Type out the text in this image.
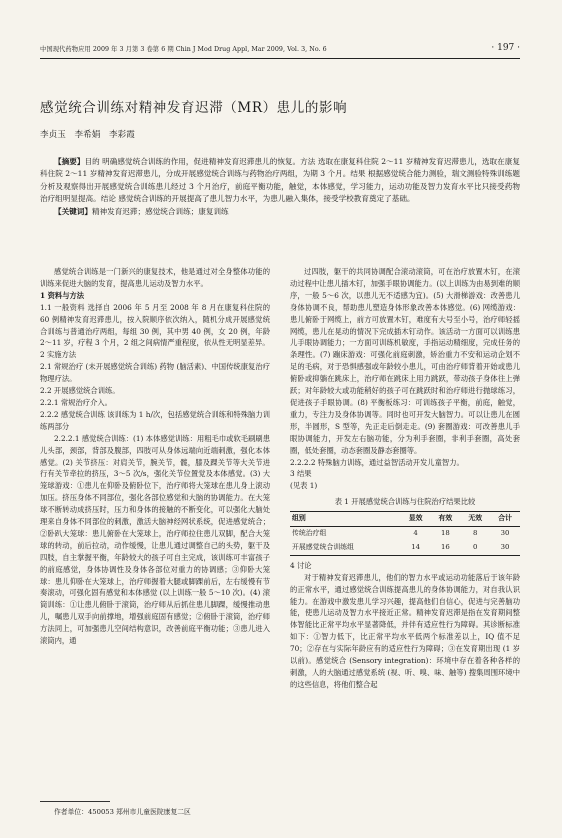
中国现代药物应用 2009 年 3 月第 3 卷第 6 期 Chin J Mod Drug Appl, Mar 2009, Vol. 3, No. 6	· 197 ·
感觉统合训练对精神发育迟滞（MR）患儿的影响
李贞玉 李希娟 李彩霞

【摘要】目的 明确感觉统合训练的作用，促进精神发育迟滞患儿的恢复。方法 选取在康复科住院 2～11 岁精神发育迟滞患儿，选取在康复科住院 2～11 岁精神发育迟滞患儿，分成开展感觉统合训练与药物治疗两组，为期 3 个月。结果 根据感觉统合能力测验，瑞文测验特殊训练题分析及观察得出开展感觉统合训练患儿经过 3 个月治疗，前庭平衡功能，触觉，本体感觉，学习能力，运动功能及智力发育水平比只接受药物治疗组明显提高。结论 感觉统合训练的开展提高了患儿智力水平，为患儿融入集体，接受学校教育奠定了基础。

【关键词】精神发育迟滞；感觉统合训练；康复训练

感觉统合训练是一门新兴的康复技术，他是通过对全身整体功能的训练来促进大脑的发育，提高患儿运动及智力水平。

1 资料与方法

1.1 一般资料 选择自 2006 年 5 月至 2008 年 8 月在康复科住院的 60 例精神发育迟滞患儿，按入院顺序依次纳入，随机分成开展感觉统合训练与普通治疗两组，每组 30 例，其中男 40 例，女 20 例，年龄 2～11 岁，疗程 3 个月，2 组之间病情严重程度，依从性无明显差异。

2 实施方法

2.1 常规治疗 (未开展感觉统合训练) 药物 (脑活素)、中国传统康复治疗物理疗法。

2.2 开展感觉统合训练。

2.2.1 常规治疗介入。

2.2.2 感觉统合训练 该训练为 1 h/次，包括感觉统合训练和特殊脑力训练两部分

2.2.2.1 感觉统合训练：(1) 本体感觉训练：用粗毛巾或软毛刷刷患儿头部，颈部，背部及腹部，四肢可从身体远端向近端刺激，强化本体感觉。(2) 关节挤压：对肩关节，腕关节，髋，膝及踝关节等大关节进行有关节牵拉的挤压，3～5 次/s，强化关节位置觉及本体感觉。(3) 大笼球游戏：①患儿在仰卧及俯卧位下，治疗师将大笼球在患儿身上滚动加压。挤压身体不同部位，强化各部位感觉和大脑的协调能力。在大笼球不断转动成挤压时，压力和身体的接触的不断变化，可以强化大脑处理来自身体不同部位的刺激，激活大脑神经网状系统，促进感觉统合；②卧趴大笼球：患儿俯卧在大笼球上，治疗师拉住患儿双脚，配合大笼球的转动，前后拉动，动作缓慢，让患儿通过调整自己的头势，躯干及四肢，自主掌握平衡，年龄较大的孩子可自主完成，该训练可丰富孩子的前庭感觉，身体协调性及身体各部位对重力的协调感；③仰卧大笼球：患儿仰卧在大笼球上，治疗师握着大腿或脚踝前后，左右缓慢有节奏滚动，可强化固有感觉和本体感觉 (以上训练一般 5～10 次)。(4) 滚筒训练：①让患儿俯卧于滚筒，治疗师从后抓住患儿脚踝，缓慢推动患儿，嘱患儿双手向前撑地，增强前庭固有感觉；②俯卧于滚筒，治疗师方法同上，可加强患儿空间结构意识，改善前庭平衡功能；③患儿进入滚筒内，通

过四肢，躯干的共同协调配合滚动滚筒，可在治疗放置木钉，在滚动过程中让患儿插木钉，加强手眼协调能力。(以上训练为由易到难的顺序，一般 5～6 次，以患儿无不适感为宜)。(5) 大滑梯游戏：改善患儿身体协调不良，帮助患儿塑造身体形象改善本体感觉。(6) 网缆游戏：患儿俯卧于网缆上，前方可放置木钉，难度有大号至小号，治疗师轻摇网缆，患儿在晃动的情况下完成插木钉动作。该活动一方面可以训练患儿手眼协调能力；一方面可训练机敏度，手指运动精细度，完成任务的条理性。(7) 蹦床游戏：可强化前庭刺激，矫治重力不安和运动企划不足的毛病，对于恐惧感强或年龄较小患儿，可由治疗师背着开始或患儿俯卧或抑躺在跳床上，治疗师在跳床上用力跳跃，带动孩子身体往上弹跃；对年龄较大或功能稍好的孩子可在跳跃时和治疗师进行抛球练习，促进孩子手眼协调。(8) 平衡板练习：可训练孩子平衡，前庭，触觉，重力，专注力及身体协调等。同时也可开发大脑智力。可以让患儿在圆形，半圆形，S 型等，先正走后倒走走。(9) 套圈游戏：可改善患儿手眼协调能力，开发左右脑功能，分为利手套圈，非利手套圈，高处套圈，低处套圈，动态套圈及静态套圈等。

2.2.2.2 特殊脑力训练，通过益智活动开发儿童智力。

3 结果

(见表 1)

表 1 开展感觉统合训练与住院治疗结果比较
组别	显效	有效	无效	合计
传统治疗组	4	18	8	30
开展感觉统合训练组	14	16	0	30

4 讨论

对于精神发育迟滞患儿，他们的智力水平或运动功能落后于该年龄的正常水平，通过感觉统合训练提高患儿的身体协调能力，对自我认识能力。在游戏中激发患儿学习兴趣，提高他们自信心，促进与完善脑功能，使患儿运动及智力水平接近正常。精神发育迟滞是指在发育期间整体智能比正常平均水平显著降低，并伴有适应性行为障碍。其诊断标准如下：①智力低下，比正常平均水平低两个标准差以上，IQ 值不足 70；②存在与实际年龄应有的适应性行为障碍；③在发育期出现 (1 岁以前)。感觉统合 (Sensory integration)：环境中存在着各种各样的刺激，人的大脑通过感觉系统 (视、听、嗅、味、触等) 搜集周围环境中的这些信息，将他们整合起

作者单位：450053 郑州市儿童医院康复二区
